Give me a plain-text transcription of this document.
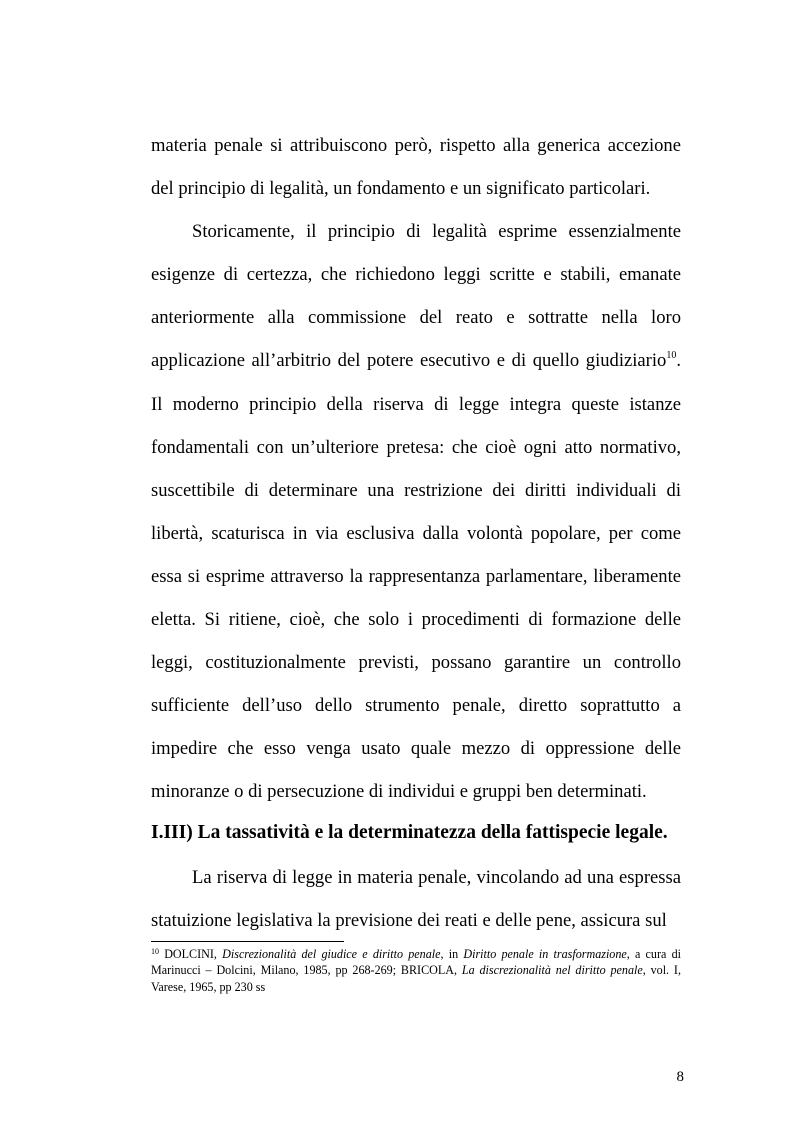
materia penale si attribuiscono però, rispetto alla generica accezione del principio di legalità, un fondamento e un significato particolari.

Storicamente, il principio di legalità esprime essenzialmente esigenze di certezza, che richiedono leggi scritte e stabili, emanate anteriormente alla commissione del reato e sottratte nella loro applicazione all’arbitrio del potere esecutivo e di quello giudiziario$^{10}$. Il moderno principio della riserva di legge integra queste istanze fondamentali con un’ulteriore pretesa: che cioè ogni atto normativo, suscettibile di determinare una restrizione dei diritti individuali di libertà, scaturisca in via esclusiva dalla volontà popolare, per come essa si esprime attraverso la rappresentanza parlamentare, liberamente eletta. Si ritiene, cioè, che solo i procedimenti di formazione delle leggi, costituzionalmente previsti, possano garantire un controllo sufficiente dell’uso dello strumento penale, diretto soprattutto a impedire che esso venga usato quale mezzo di oppressione delle minoranze o di persecuzione di individui e gruppi ben determinati.

I.III) La tassatività e la determinatezza della fattispecie legale.

La riserva di legge in materia penale, vincolando ad una espressa statuizione legislativa la previsione dei reati e delle pene, assicura sul

$^{10}$ DOLCINI, Discrezionalità del giudice e diritto penale, in Diritto penale in trasformazione, a cura di Marinucci – Dolcini, Milano, 1985, pp 268-269; BRICOLA, La discrezionalità nel diritto penale, vol. I, Varese, 1965, pp 230 ss

8
